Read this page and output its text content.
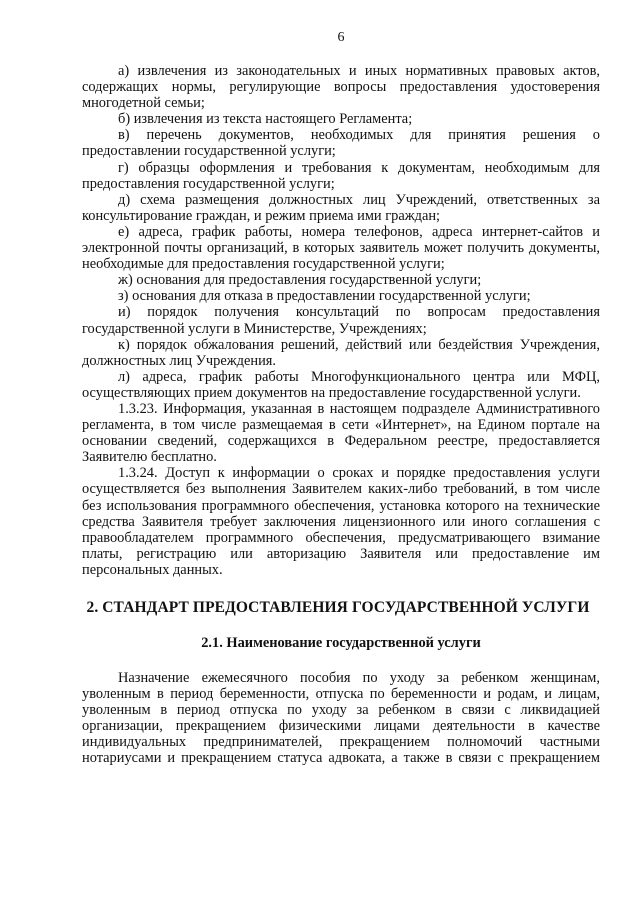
6

а) извлечения из законодательных и иных нормативных правовых актов, содержащих нормы, регулирующие вопросы предоставления удостоверения многодетной семьи;

б) извлечения из текста настоящего Регламента;

в) перечень документов, необходимых для принятия решения о предоставлении государственной услуги;

г) образцы оформления и требования к документам, необходимым для предоставления государственной услуги;

д) схема размещения должностных лиц Учреждений, ответственных за консультирование граждан, и режим приема ими граждан;

е) адреса, график работы, номера телефонов, адреса интернет-сайтов и электронной почты организаций, в которых заявитель может получить документы, необходимые для предоставления государственной услуги;

ж) основания для предоставления государственной услуги;

з) основания для отказа в предоставлении государственной услуги;

и) порядок получения консультаций по вопросам предоставления государственной услуги в Министерстве, Учреждениях;

к) порядок обжалования решений, действий или бездействия Учреждения, должностных лиц Учреждения.

л) адреса, график работы Многофункционального центра или МФЦ, осуществляющих прием документов на предоставление государственной услуги.

1.3.23. Информация, указанная в настоящем подразделе Административного регламента, в том числе размещаемая в сети «Интернет», на Едином портале на основании сведений, содержащихся в Федеральном реестре, предоставляется Заявителю бесплатно.

1.3.24. Доступ к информации о сроках и порядке предоставления услуги осуществляется без выполнения Заявителем каких-либо требований, в том числе без использования программного обеспечения, установка которого на технические средства Заявителя требует заключения лицензионного или иного соглашения с правообладателем программного обеспечения, предусматривающего взимание платы, регистрацию или авторизацию Заявителя или предоставление им персональных данных.

2. СТАНДАРТ ПРЕДОСТАВЛЕНИЯ ГОСУДАРСТВЕННОЙ УСЛУГИ
2.1. Наименование государственной услуги

Назначение ежемесячного пособия по уходу за ребенком женщинам, уволенным в период беременности, отпуска по беременности и родам, и лицам, уволенным в период отпуска по уходу за ребенком в связи с ликвидацией организации, прекращением физическими лицами деятельности в качестве индивидуальных предпринимателей, прекращением полномочий частными нотариусами и прекращением статуса адвоката, а также в связи с прекращением
